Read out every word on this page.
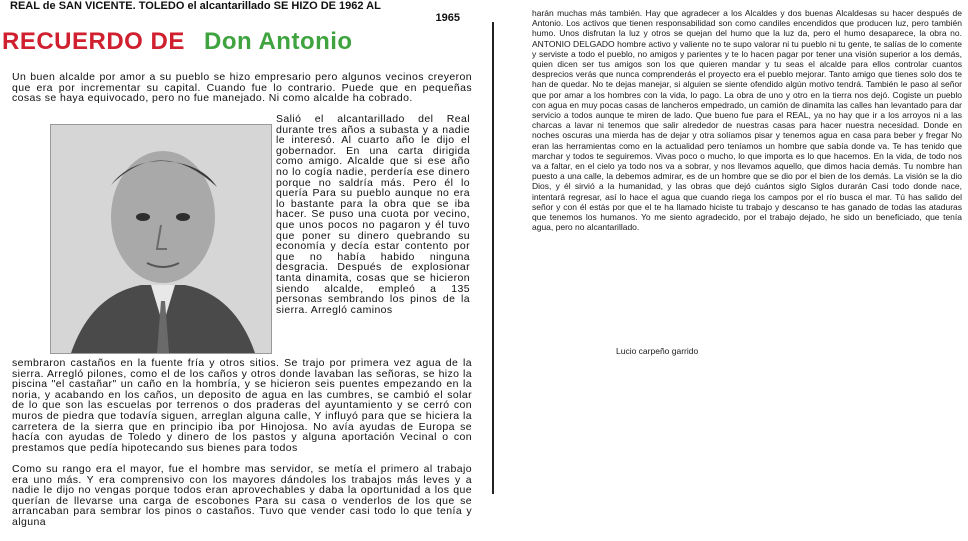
REAL de SAN VICENTE. TOLEDO el alcantarillado SE HIZO DE 1962 AL
1965
RECUERDO DE Don Antonio
Un buen alcalde por amor a su pueblo se hizo empresario pero algunos vecinos creyeron que era por incrementar su capital. Cuando fue lo contrario. Puede que en pequeñas cosas se haya equivocado, pero no fue manejado. Ni como alcalde ha cobrado.
Salió el alcantarillado del Real durante tres años a subasta y a nadie le interesó. Al cuarto año le dijo el gobernador. En una carta dirigida como amigo. Alcalde que si ese año no lo cogía nadie, perdería ese dinero porque no saldría más. Pero él lo quería Para su pueblo aunque no era lo bastante para la obra que se iba hacer. Se puso una cuota por vecino, que unos pocos no pagaron y él tuvo que poner su dinero quebrando su economía y decía estar contento por que no había habido ninguna desgracia. Después de explosionar tanta dinamita, cosas que se hicieron siendo alcalde, empleó a 135 personas sembrando los pinos de la sierra. Arregló caminos
sembraron castaños en la fuente fría y otros sitios. Se trajo por primera vez agua de la sierra. Arregló pilones, como el de los caños y otros donde lavaban las señoras, se hizo la piscina "el castañar" un caño en la hombría, y se hicieron seis puentes empezando en la noria, y acabando en los caños, un deposito de agua en las cumbres, se cambió el solar de lo que son las escuelas por terrenos o dos praderas del ayuntamiento y se cerró con muros de piedra que todavía siguen, arreglan alguna calle, Y influyó para que se hiciera la carretera de la sierra que en principio iba por Hinojosa. No avía ayudas de Europa se hacía con ayudas de Toledo y dinero de los pastos y alguna aportación Vecinal o con prestamos que pedía hipotecando sus bienes para todos
Como su rango era el mayor, fue el hombre mas servidor, se metía el primero al trabajo era uno más. Y era comprensivo con los mayores dándoles los trabajos más leves y a nadie le dijo no vengas porque todos eran aprovechables y daba la oportunidad a los que querían de llevarse una carga de escobones Para su casa o venderlos de los que se arrancaban para sembrar los pinos o castaños. Tuvo que vender casi todo lo que tenía y alguna
harán muchas más también. Hay que agradecer a los Alcaldes y dos buenas Alcaldesas su hacer después de Antonio. Los activos que tienen responsabilidad son como candiles encendidos que producen luz, pero también humo. Unos disfrutan la luz y otros se quejan del humo que la luz da, pero el humo desaparece, la obra no. ANTONIO DELGADO hombre activo y valiente no te supo valorar ni tu pueblo ni tu gente, te salías de lo comente y serviste a todo el pueblo, no amigos y parientes y te lo hacen pagar por tener una visión superior a los demás, quien dicen ser tus amigos son los que quieren mandar y tu seas el alcalde para ellos controlar cuantos desprecios verás que nunca comprenderás el proyecto era el pueblo mejorar. Tanto amigo que tienes solo dos te han de quedar. No te dejas manejar, si alguien se siente ofendido algún motivo tendrá. También le paso al señor que por amar a los hombres con la vida, lo pago. La obra de uno y otro en la tierra nos dejó. Cogiste un pueblo con agua en muy pocas casas de lancheros empedrado, un camión de dinamita las calles han levantado para dar servicio a todos aunque te miren de lado. Que bueno fue para el REAL, ya no hay que ir a los arroyos ni a las charcas a lavar ni tenemos que salir alrededor de nuestras casas para hacer nuestra necesidad. Donde en noches oscuras una mierda has de dejar y otra solíamos pisar y tenemos agua en casa para beber y fregar No eran las herramientas como en la actualidad pero teníamos un hombre que sabía donde va. Te has tenido que marchar y todos te seguiremos. Vivas poco o mucho, lo que importa es lo que hacemos. En la vida, de todo nos va a faltar, en el cielo ya todo nos va a sobrar, y nos llevamos aquello, que dimos hacia demás. Tu nombre han puesto a una calle, la debemos admirar, es de un hombre que se dio por el bien de los demás. La visión se la dio Dios, y él sirvió a la humanidad, y las obras que dejó cuántos siglo Siglos durarán Casi todo donde nace, intentará regresar, así lo hace el agua que cuando riega los campos por el río busca el mar. Tú has salido del señor y con él estás por que el te ha llamado hiciste tu trabajo y descanso te has ganado de todas las ataduras que tenemos los humanos. Yo me siento agradecido, por el trabajo dejado, he sido un beneficiado, que tenía agua, pero no alcantarillado.
Lucio carpeño garrido
